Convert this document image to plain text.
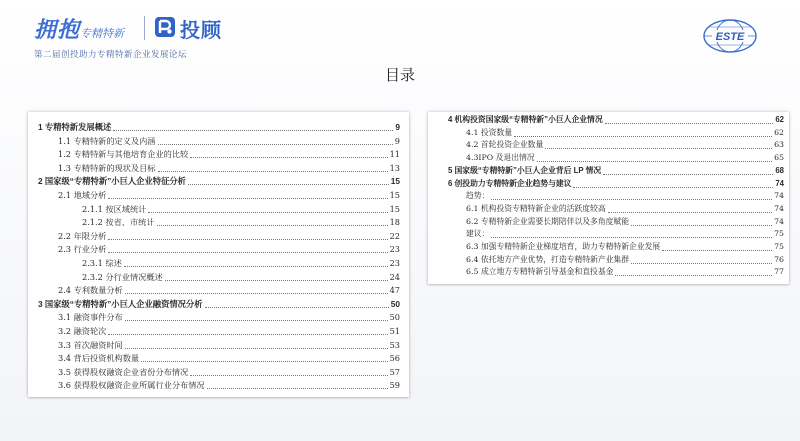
拥抱专精特新	投顾
第二届创投助力专精特新企业发展论坛
ESTE
目录
1 专精特新发展概述	9
1.1 专精特新的定义及内涵	9
1.2 专精特新与其他培育企业的比较	11
1.3 专精特新的现状及目标	13
2 国家级“专精特新”小巨人企业特征分析	15
2.1 地域分析	15
2.1.1 按区域统计	15
2.1.2 按省、市统计	18
2.2 年限分析	22
2.3 行业分析	23
2.3.1 综述	23
2.3.2 分行业情况概述	24
2.4 专利数量分析	47
3 国家级“专精特新”小巨人企业融资情况分析	50
3.1 融资事件分布	50
3.2 融资轮次	51
3.3 首次融资时间	53
3.4 背后投资机构数量	56
3.5 获得股权融资企业省份分布情况	57
3.6 获得股权融资企业所属行业分布情况	59
4 机构投资国家级“专精特新”小巨人企业情况	62
4.1 投资数量	62
4.2 首轮投资企业数量	63
4.3IPO 及退出情况	65
5 国家级“专精特新”小巨人企业背后 LP 情况	68
6 创投助力专精特新企业趋势与建议	74
趋势：	74
6.1 机构投资专精特新企业的活跃度较高	74
6.2 专精特新企业需要长期陪伴以及多角度赋能	74
建议：	75
6.3 加强专精特新企业梯度培育，助力专精特新企业发展	75
6.4 依托地方产业优势，打造专精特新产业集群	76
6.5 成立地方专精特新引导基金和直投基金	77
